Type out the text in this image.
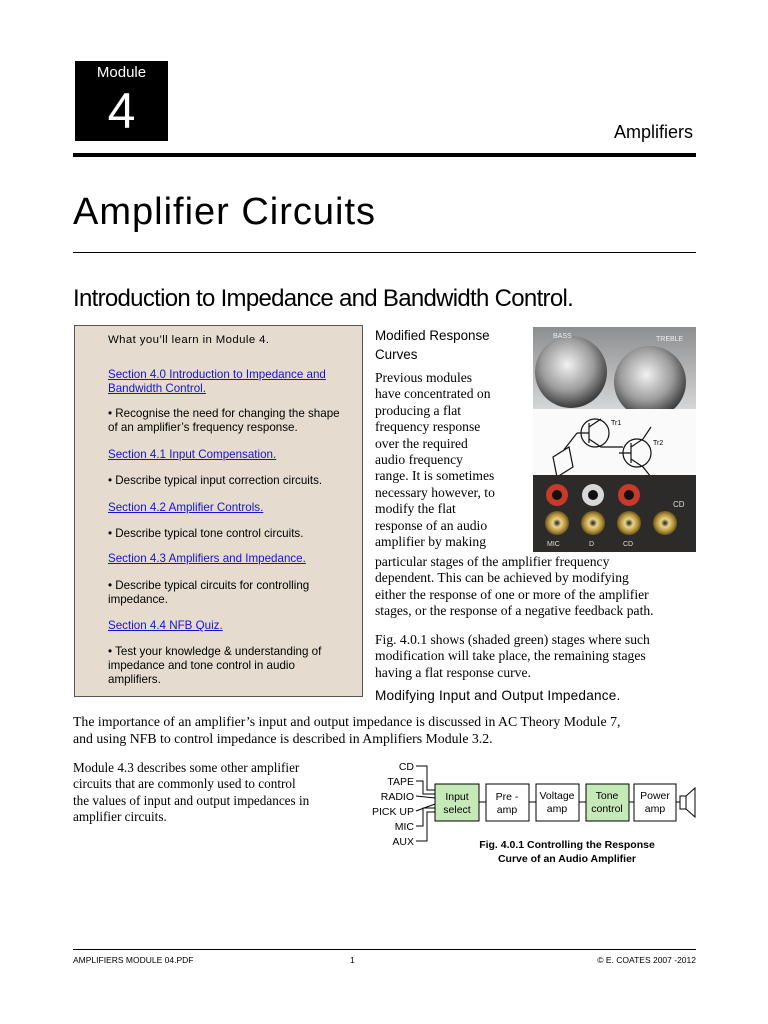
Module
4	Amplifiers
Amplifier Circuits
Introduction to Impedance and Bandwidth Control.
What you’ll learn in Module 4.
Section 4.0 Introduction to Impedance and Bandwidth Control.
• Recognise the need for changing the shape of an amplifier’s frequency response.
Section 4.1 Input Compensation.
• Describe typical input correction circuits.
Section 4.2 Amplifier Controls.
• Describe typical tone control circuits.
Section 4.3 Amplifiers and Impedance.
• Describe typical circuits for controlling impedance.
Section 4.4 NFB Quiz.
• Test your knowledge & understanding of impedance and tone control in audio amplifiers.
Modified Response Curves
Previous modules
have concentrated on
producing a flat
frequency response
over the required
audio frequency
range. It is sometimes
necessary however, to
modify the flat
response of an audio
amplifier by making
particular stages of the amplifier frequency
dependent. This can be achieved by modifying
either the response of one or more of the amplifier
stages, or the response of a negative feedback path.
Fig. 4.0.1 shows (shaded green) stages where such
modification will take place, the remaining stages
having a flat response curve.
BASS	TREBLE
Tr1
Tr2
MIC	D	CD
CD
Modifying Input and Output Impedance.
The importance of an amplifier’s input and output impedance is discussed in AC Theory Module 7,
and using NFB to control impedance is described in Amplifiers Module 3.2.
Module 4.3 describes some other amplifier
circuits that are commonly used to control
the values of input and output impedances in
amplifier circuits.
CD
TAPE
RADIO
PICK UP
MIC
AUX
Input
select
Pre -
amp
Voltage
amp
Tone
control
Power
amp
Fig. 4.0.1 Controlling the Response
Curve of an Audio Amplifier
AMPLIFIERS MODULE 04.PDF	1	© E. COATES 2007 -2012
